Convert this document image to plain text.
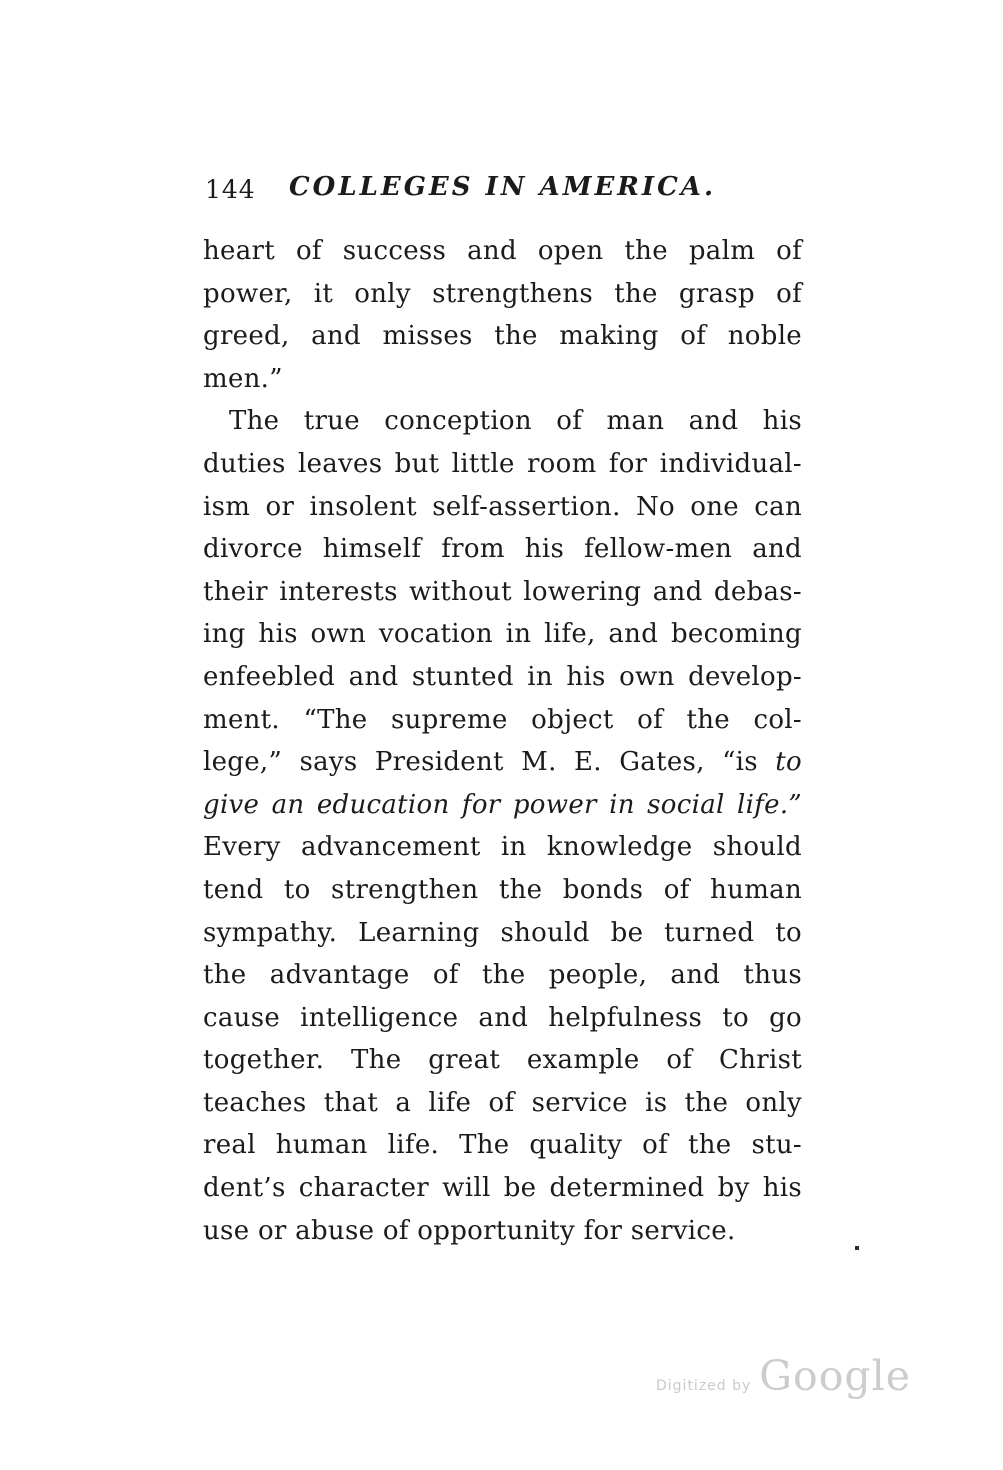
144	COLLEGES IN AMERICA.
heart of success and open the palm of
power, it only strengthens the grasp of
greed, and misses the making of noble
men.”
The true conception of man and his
duties leaves but little room for individual-
ism or insolent self-assertion. No one can
divorce himself from his fellow-men and
their interests without lowering and debas-
ing his own vocation in life, and becoming
enfeebled and stunted in his own develop-
ment. “The supreme object of the col-
lege,” says President M. E. Gates, “is to
give an education for power in social life.”
Every advancement in knowledge should
tend to strengthen the bonds of human
sympathy. Learning should be turned to
the advantage of the people, and thus
cause intelligence and helpfulness to go
together. The great example of Christ
teaches that a life of service is the only
real human life. The quality of the stu-
dent’s character will be determined by his
use or abuse of opportunity for service.
Digitized by Google
